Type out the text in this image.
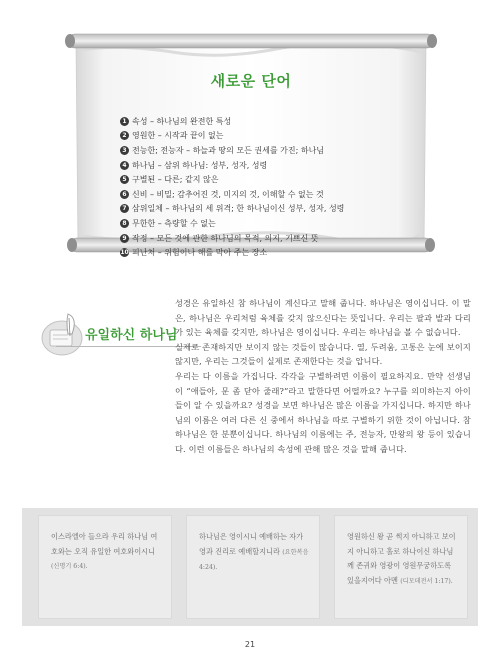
새로운 단어
1 속성 – 하나님의 완전한 특성
2 영원한 – 시작과 끝이 없는
3 전능한; 전능자 – 하늘과 땅의 모든 권세를 가진; 하나님
4 하나님 – 삼위 하나님: 성부, 성자, 성령
5 구별된 – 다른; 같지 않은
6 신비 – 비밀; 감추어진 것, 미지의 것, 이해할 수 없는 것
7 삼위일체 – 하나님의 세 위격; 한 하나님이신 성부, 성자, 성령
8 무한한 – 측량할 수 없는
9 작정 – 모든 것에 관한 하나님의 목적, 의지, 기쁘신 뜻
10 피난처 – 위험이나 해를 막아 주는 장소
유일하신 하나님

성경은 유일하신 참 하나님이 계신다고 말해 줍니다. 하나님은 영이십니다. 이 말은, 하나님은 우리처럼 육체를 갖지 않으신다는 뜻입니다. 우리는 팔과 발과 다리가 있는 육체를 갖지만, 하나님은 영이십니다. 우리는 하나님을 볼 수 없습니다.

실제로 존재하지만 보이지 않는 것들이 많습니다. 열, 두려움, 고통은 눈에 보이지 않지만, 우리는 그것들이 실제로 존재한다는 것을 압니다.

우리는 다 이름을 가집니다. 각각을 구별하려면 이름이 필요하지요. 만약 선생님이 “애들아, 문 좀 닫아 줄래?”라고 말한다면 어떨까요? 누구를 의미하는지 아이들이 알 수 있을까요? 성경을 보면 하나님은 많은 이름을 가지십니다. 하지만 하나님의 이름은 여러 다른 신 중에서 하나님을 따로 구별하기 위한 것이 아닙니다. 참 하나님은 한 분뿐이십니다. 하나님의 이름에는 주, 전능자, 만왕의 왕 등이 있습니다. 이런 이름들은 하나님의 속성에 관해 많은 것을 말해 줍니다.

이스라엘아 들으라 우리 하나님 여호와는 오직 유일한 여호와이시니 (신명기 6:4).
하나님은 영이시니 예배하는 자가 영과 진리로 예배할지니라 (요한복음 4:24).
영원하신 왕 곧 썩지 아니하고 보이지 아니하고 홀로 하나이신 하나님께 존귀와 영광이 영원무궁하도록 있을지어다 아멘 (디모데전서 1:17).
21
